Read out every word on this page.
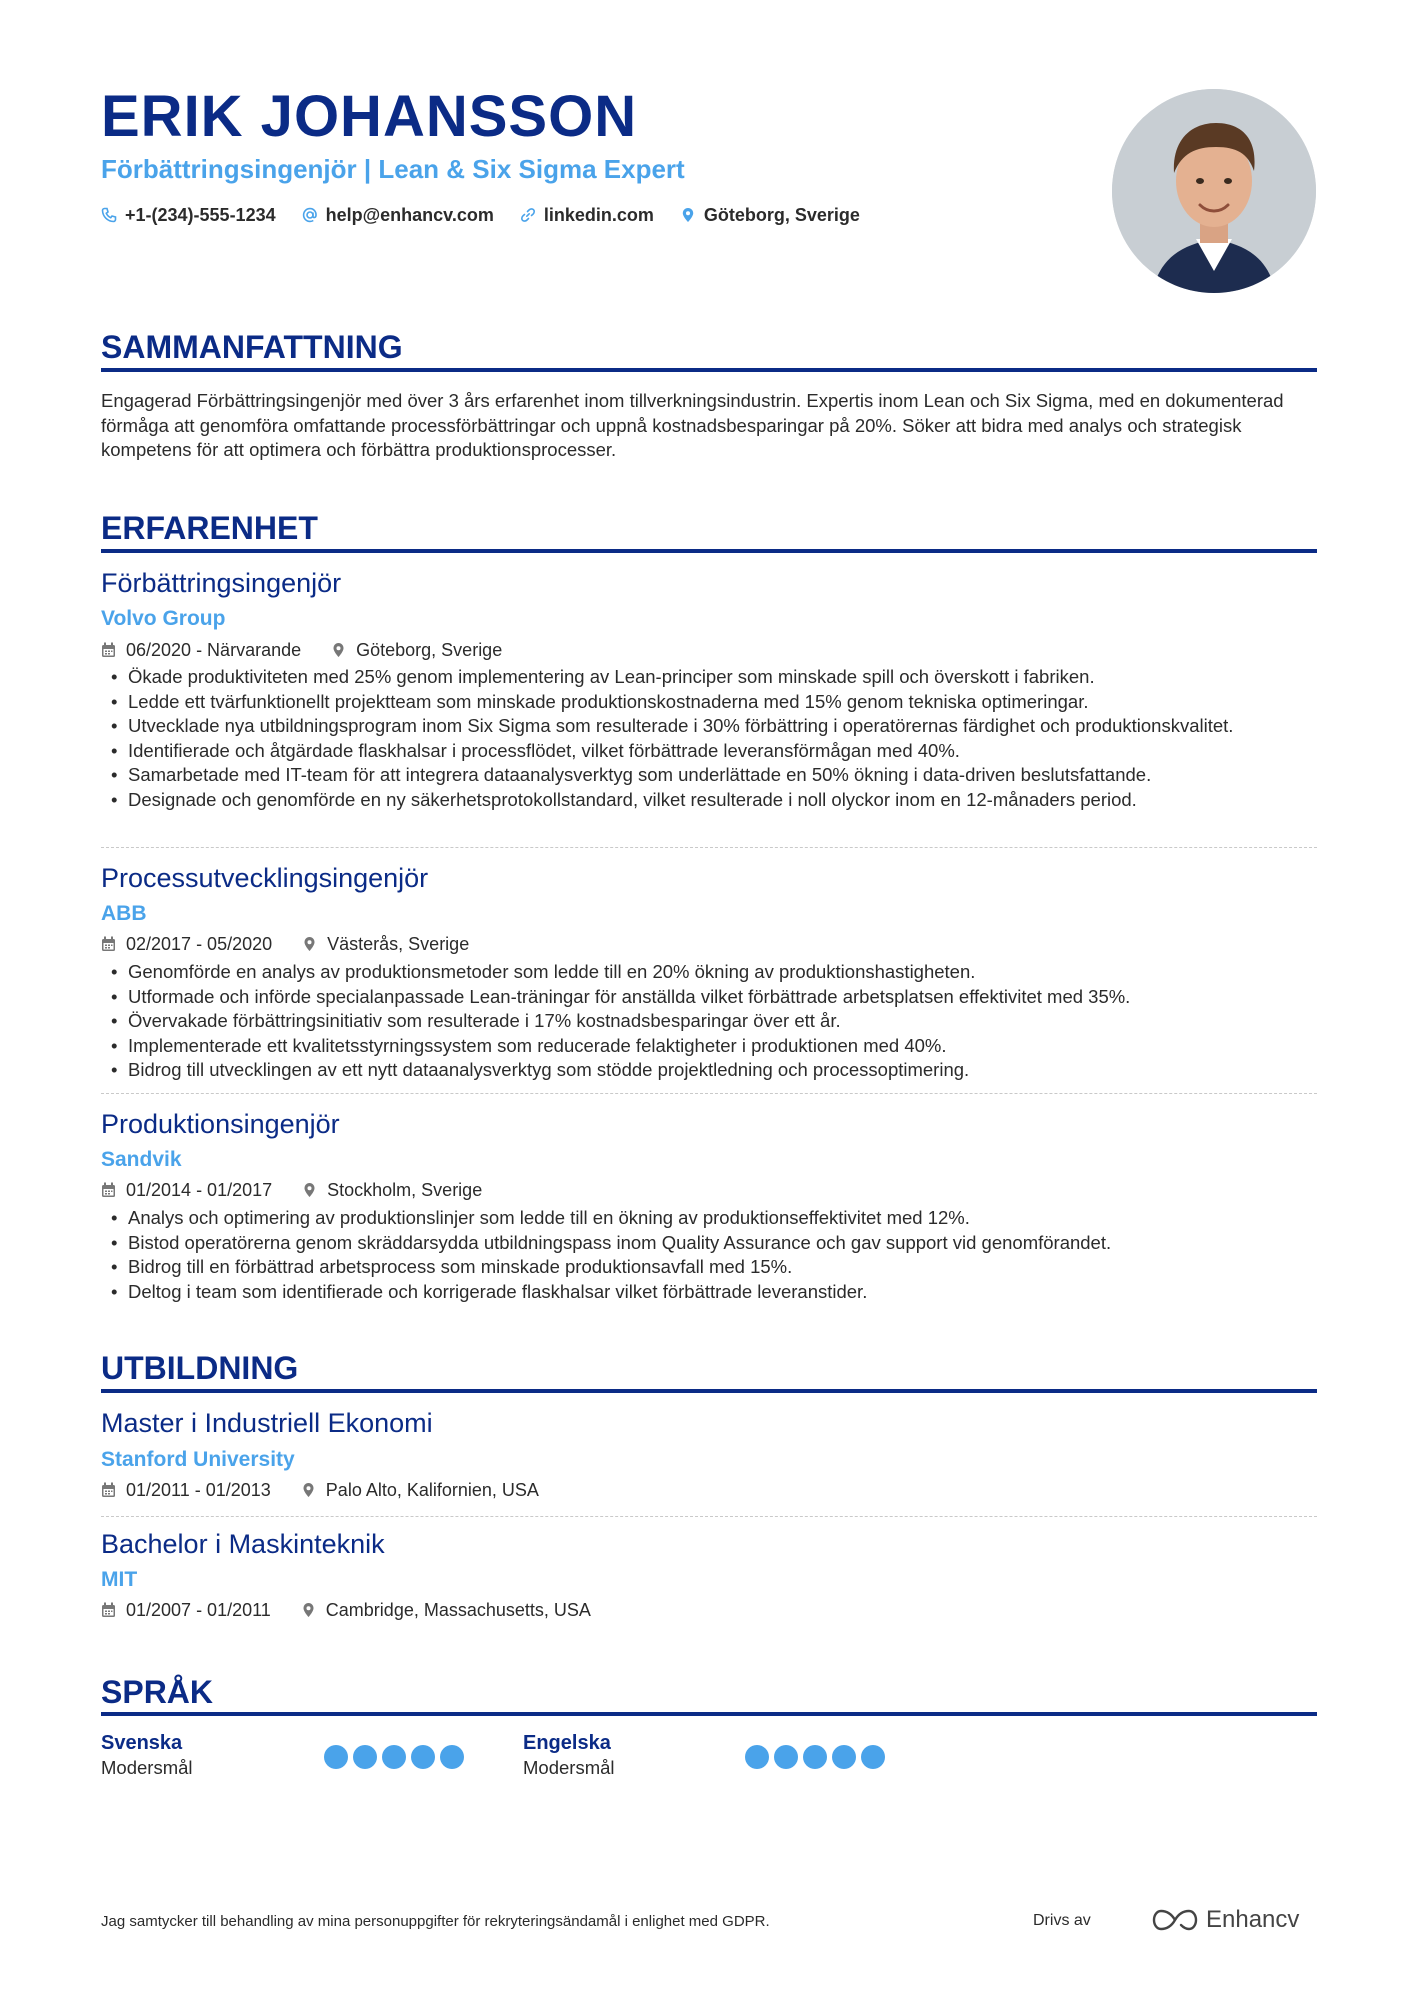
ERIK JOHANSSON
Förbättringsingenjör | Lean & Six Sigma Expert
+1-(234)-555-1234	help@enhancv.com	linkedin.com	Göteborg, Sverige
SAMMANFATTNING

Engagerad Förbättringsingenjör med över 3 års erfarenhet inom tillverkningsindustrin. Expertis inom Lean och Six Sigma, med en dokumenterad förmåga att genomföra omfattande processförbättringar och uppnå kostnadsbesparingar på 20%. Söker att bidra med analys och strategisk kompetens för att optimera och förbättra produktionsprocesser.

ERFARENHET
Förbättringsingenjör
Volvo Group
06/2020 - Närvarande	Göteborg, Sverige
• Ökade produktiviteten med 25% genom implementering av Lean-principer som minskade spill och överskott i fabriken.
• Ledde ett tvärfunktionellt projektteam som minskade produktionskostnaderna med 15% genom tekniska optimeringar.
• Utvecklade nya utbildningsprogram inom Six Sigma som resulterade i 30% förbättring i operatörernas färdighet och produktionskvalitet.
• Identifierade och åtgärdade flaskhalsar i processflödet, vilket förbättrade leveransförmågan med 40%.
• Samarbetade med IT-team för att integrera dataanalysverktyg som underlättade en 50% ökning i data-driven beslutsfattande.
• Designade och genomförde en ny säkerhetsprotokollstandard, vilket resulterade i noll olyckor inom en 12-månaders period.
Processutvecklingsingenjör
ABB
02/2017 - 05/2020	Västerås, Sverige
• Genomförde en analys av produktionsmetoder som ledde till en 20% ökning av produktionshastigheten.
• Utformade och införde specialanpassade Lean-träningar för anställda vilket förbättrade arbetsplatsen effektivitet med 35%.
• Övervakade förbättringsinitiativ som resulterade i 17% kostnadsbesparingar över ett år.
• Implementerade ett kvalitetsstyrningssystem som reducerade felaktigheter i produktionen med 40%.
• Bidrog till utvecklingen av ett nytt dataanalysverktyg som stödde projektledning och processoptimering.
Produktionsingenjör
Sandvik
01/2014 - 01/2017	Stockholm, Sverige
• Analys och optimering av produktionslinjer som ledde till en ökning av produktionseffektivitet med 12%.
• Bistod operatörerna genom skräddarsydda utbildningspass inom Quality Assurance och gav support vid genomförandet.
• Bidrog till en förbättrad arbetsprocess som minskade produktionsavfall med 15%.
• Deltog i team som identifierade och korrigerade flaskhalsar vilket förbättrade leveranstider.
UTBILDNING
Master i Industriell Ekonomi
Stanford University
01/2011 - 01/2013	Palo Alto, Kalifornien, USA
Bachelor i Maskinteknik
MIT
01/2007 - 01/2011	Cambridge, Massachusetts, USA
SPRÅK
Svenska
Modersmål
Engelska
Modersmål

Jag samtycker till behandling av mina personuppgifter för rekryteringsändamål i enlighet med GDPR.	Drivs av	Enhancv
